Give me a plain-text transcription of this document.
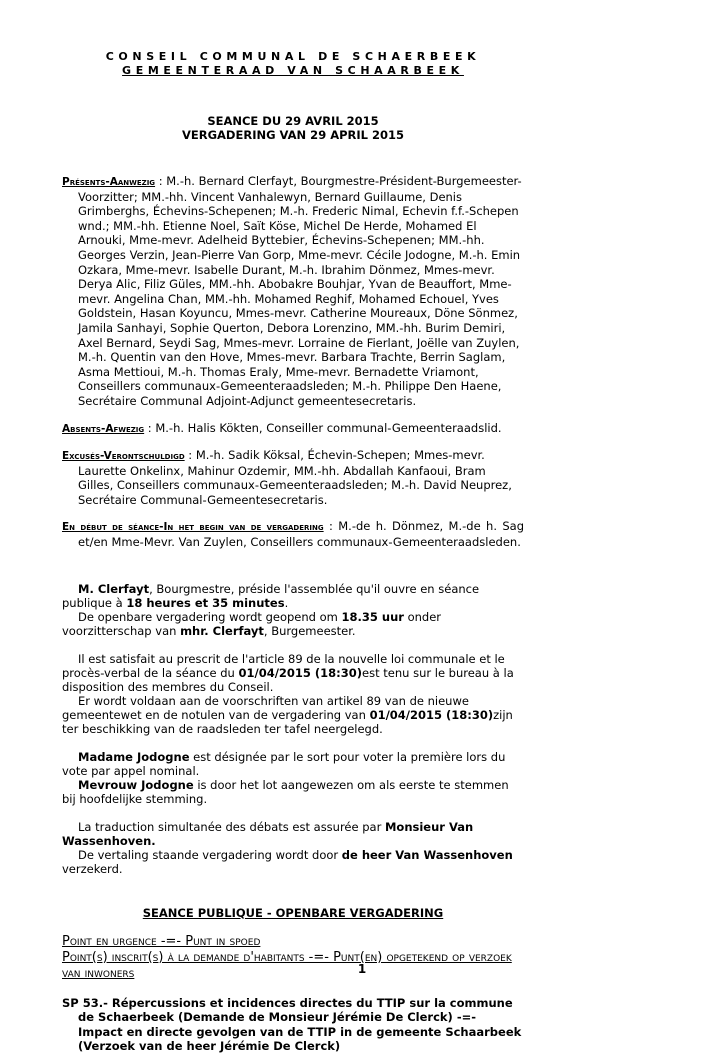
CONSEIL COMMUNAL DE SCHAERBEEK
GEMEENTERAAD VAN SCHAARBEEK
SEANCE DU 29 AVRIL 2015
VERGADERING VAN 29 APRIL 2015
Présents-Aanwezig : M.-h. Bernard Clerfayt, Bourgmestre-Président-Burgemeester-Voorzitter; MM.-hh. Vincent Vanhalewyn, Bernard Guillaume, Denis Grimberghs, Échevins-Schepenen; M.-h. Frederic Nimal, Echevin f.f.-Schepen wnd.; MM.-hh. Etienne Noel, Saït Köse, Michel De Herde, Mohamed El Arnouki, Mme-mevr. Adelheid Byttebier, Échevins-Schepenen; MM.-hh. Georges Verzin, Jean-Pierre Van Gorp, Mme-mevr. Cécile Jodogne, M.-h. Emin Ozkara, Mme-mevr. Isabelle Durant, M.-h. Ibrahim Dönmez, Mmes-mevr. Derya Alic, Filiz Güles, MM.-hh. Abobakre Bouhjar, Yvan de Beauffort, Mme-mevr. Angelina Chan, MM.-hh. Mohamed Reghif, Mohamed Echouel, Yves Goldstein, Hasan Koyuncu, Mmes-mevr. Catherine Moureaux, Döne Sönmez, Jamila Sanhayi, Sophie Querton, Debora Lorenzino, MM.-hh. Burim Demiri, Axel Bernard, Seydi Sag, Mmes-mevr. Lorraine de Fierlant, Joëlle van Zuylen, M.-h. Quentin van den Hove, Mmes-mevr. Barbara Trachte, Berrin Saglam, Asma Mettioui, M.-h. Thomas Eraly, Mme-mevr. Bernadette Vriamont, Conseillers communaux-Gemeenteraadsleden; M.-h. Philippe Den Haene, Secrétaire Communal Adjoint-Adjunct gemeentesecretaris.
Absents-Afwezig : M.-h. Halis Kökten, Conseiller communal-Gemeenteraadslid.
Excusés-Verontschuldigd : M.-h. Sadik Köksal, Échevin-Schepen; Mmes-mevr. Laurette Onkelinx, Mahinur Ozdemir, MM.-hh. Abdallah Kanfaoui, Bram Gilles, Conseillers communaux-Gemeenteraadsleden; M.-h. David Neuprez, Secrétaire Communal-Gemeentesecretaris.
En début de séance-In het begin van de vergadering : M.-de h. Dönmez, M.-de h. Sag et/en Mme-Mevr. Van Zuylen, Conseillers communaux-Gemeenteraadsleden.
M. Clerfayt, Bourgmestre, préside l'assemblée qu'il ouvre en séance publique à 18 heures et 35 minutes.
De openbare vergadering wordt geopend om 18.35 uur onder voorzitterschap van mhr. Clerfayt, Burgemeester.
Il est satisfait au prescrit de l'article 89 de la nouvelle loi communale et le procès-verbal de la séance du 01/04/2015 (18:30)est tenu sur le bureau à la disposition des membres du Conseil.
Er wordt voldaan aan de voorschriften van artikel 89 van de nieuwe gemeentewet en de notulen van de vergadering van 01/04/2015 (18:30)zijn ter beschikking van de raadsleden ter tafel neergelegd.
Madame Jodogne est désignée par le sort pour voter la première lors du vote par appel nominal.
Mevrouw Jodogne is door het lot aangewezen om als eerste te stemmen bij hoofdelijke stemming.
La traduction simultanée des débats est assurée par Monsieur Van Wassenhoven.
De vertaling staande vergadering wordt door de heer Van Wassenhoven verzekerd.
SEANCE PUBLIQUE - OPENBARE VERGADERING
Point en urgence -=- Punt in spoed
Point(s) inscrit(s) à la demande d'habitants -=- Punt(en) opgetekend op verzoek van inwoners
SP 53.- Répercussions et incidences directes du TTIP sur la commune de Schaerbeek (Demande de Monsieur Jérémie De Clerck) -=- Impact en directe gevolgen van de TTIP in de gemeente Schaarbeek (Verzoek van de heer Jérémie De Clerck)
1
